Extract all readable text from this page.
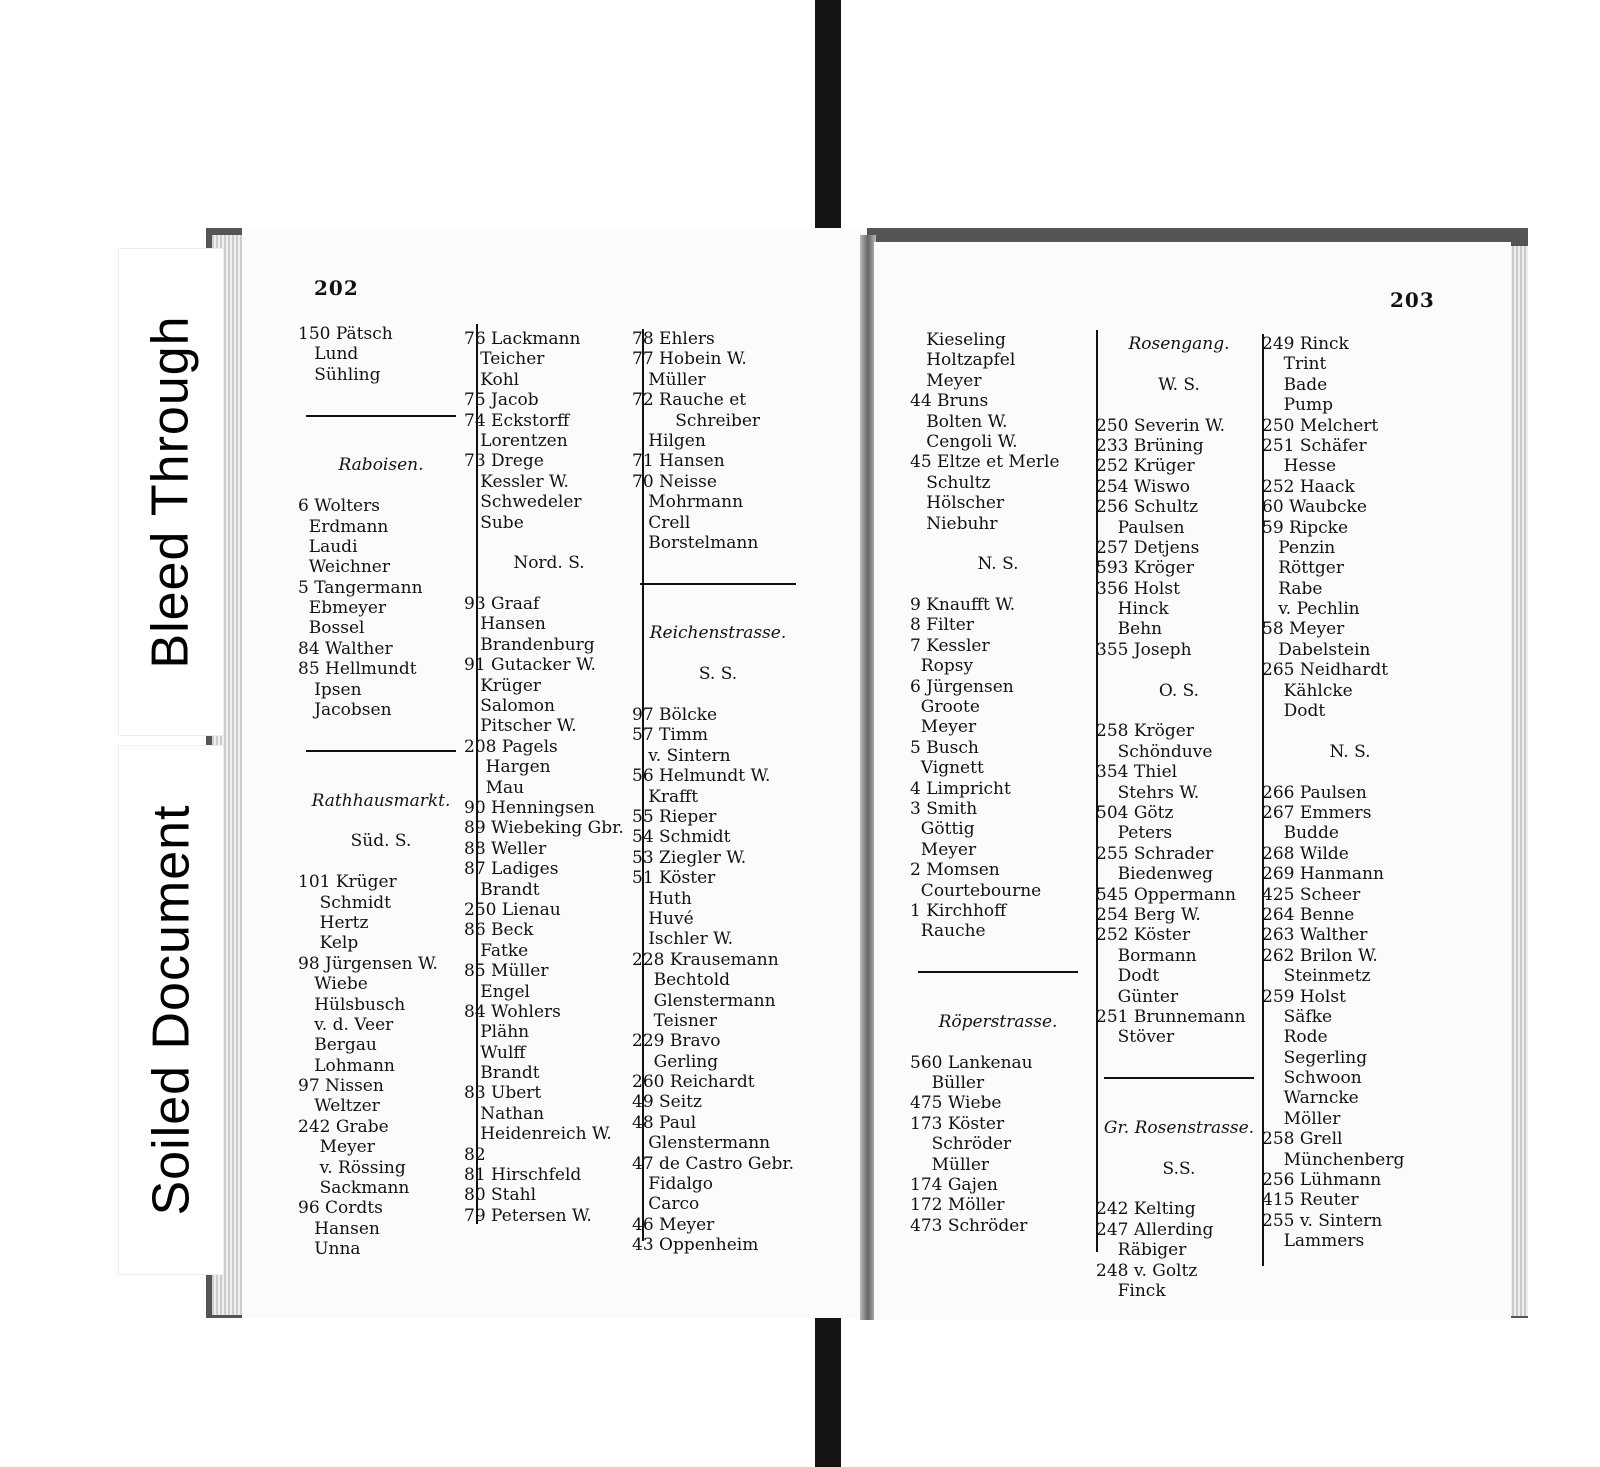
202
150 Pätsch
Lund
Sühling
Raboisen.
6 Wolters
Erdmann
Laudi
Weichner
5 Tangermann
Ebmeyer
Bossel
84 Walther
85 Hellmundt
Ipsen
Jacobsen
Rathhausmarkt.
Süd. S.
101 Krüger
Schmidt
Hertz
Kelp
98 Jürgensen W.
Wiebe
Hülsbusch
v. d. Veer
Bergau
Lohmann
97 Nissen
Weltzer
242 Grabe
Meyer
v. Rössing
Sackmann
96 Cordts
Hansen
Unna
76 Lackmann
Teicher
Kohl
75 Jacob
74 Eckstorff
Lorentzen
73 Drege
Kessler W.
Schwedeler
Sube
Nord. S.
93 Graaf
Hansen
Brandenburg
91 Gutacker W.
Krüger
Salomon
Pitscher W.
208 Pagels
Hargen
Mau
90 Henningsen
89 Wiebeking Gbr.
88 Weller
87 Ladiges
Brandt
250 Lienau
86 Beck
Fatke
85 Müller
Engel
84 Wohlers
Plähn
Wulff
Brandt
83 Ubert
Nathan
Heidenreich W.
82
81 Hirschfeld
80 Stahl
79 Petersen W.
78 Ehlers
77 Hobein W.
Müller
72 Rauche et
Schreiber
Hilgen
71 Hansen
70 Neisse
Mohrmann
Crell
Borstelmann
Reichenstrasse.
S. S.
97 Bölcke
57 Timm
v. Sintern
56 Helmundt W.
Krafft
55 Rieper
54 Schmidt
53 Ziegler W.
51 Köster
Huth
Huvé
Ischler W.
228 Krausemann
Bechtold
Glenstermann
Teisner
229 Bravo
Gerling
260 Reichardt
49 Seitz
48 Paul
Glenstermann
47 de Castro Gebr.
Fidalgo
Carco
46 Meyer
43 Oppenheim
203
Kieseling
Holtzapfel
Meyer
44 Bruns
Bolten W.
Cengoli W.
45 Eltze et Merle
Schultz
Hölscher
Niebuhr
N. S.
9 Knaufft W.
8 Filter
7 Kessler
Ropsy
6 Jürgensen
Groote
Meyer
5 Busch
Vignett
4 Limpricht
3 Smith
Göttig
Meyer
2 Momsen
Courtebourne
1 Kirchhoff
Rauche
Röperstrasse.
560 Lankenau
Büller
475 Wiebe
173 Köster
Schröder
Müller
174 Gajen
172 Möller
473 Schröder
Rosengang.
W. S.
250 Severin W.
233 Brüning
252 Krüger
254 Wiswo
256 Schultz
Paulsen
257 Detjens
593 Kröger
356 Holst
Hinck
Behn
355 Joseph
O. S.
258 Kröger
Schönduve
354 Thiel
Stehrs W.
504 Götz
Peters
255 Schrader
Biedenweg
545 Oppermann
254 Berg W.
252 Köster
Bormann
Dodt
Günter
251 Brunnemann
Stöver
Gr. Rosenstrasse.
S.S.
242 Kelting
247 Allerding
Räbiger
248 v. Goltz
Finck
249 Rinck
Trint
Bade
Pump
250 Melchert
251 Schäfer
Hesse
252 Haack
60 Waubcke
59 Ripcke
Penzin
Röttger
Rabe
v. Pechlin
58 Meyer
Dabelstein
265 Neidhardt
Kählcke
Dodt
N. S.
266 Paulsen
267 Emmers
Budde
268 Wilde
269 Hanmann
425 Scheer
264 Benne
263 Walther
262 Brilon W.
Steinmetz
259 Holst
Säfke
Rode
Segerling
Schwoon
Warncke
Möller
258 Grell
Münchenberg
256 Lühmann
415 Reuter
255 v. Sintern
Lammers
Bleed Through
Soiled Document
